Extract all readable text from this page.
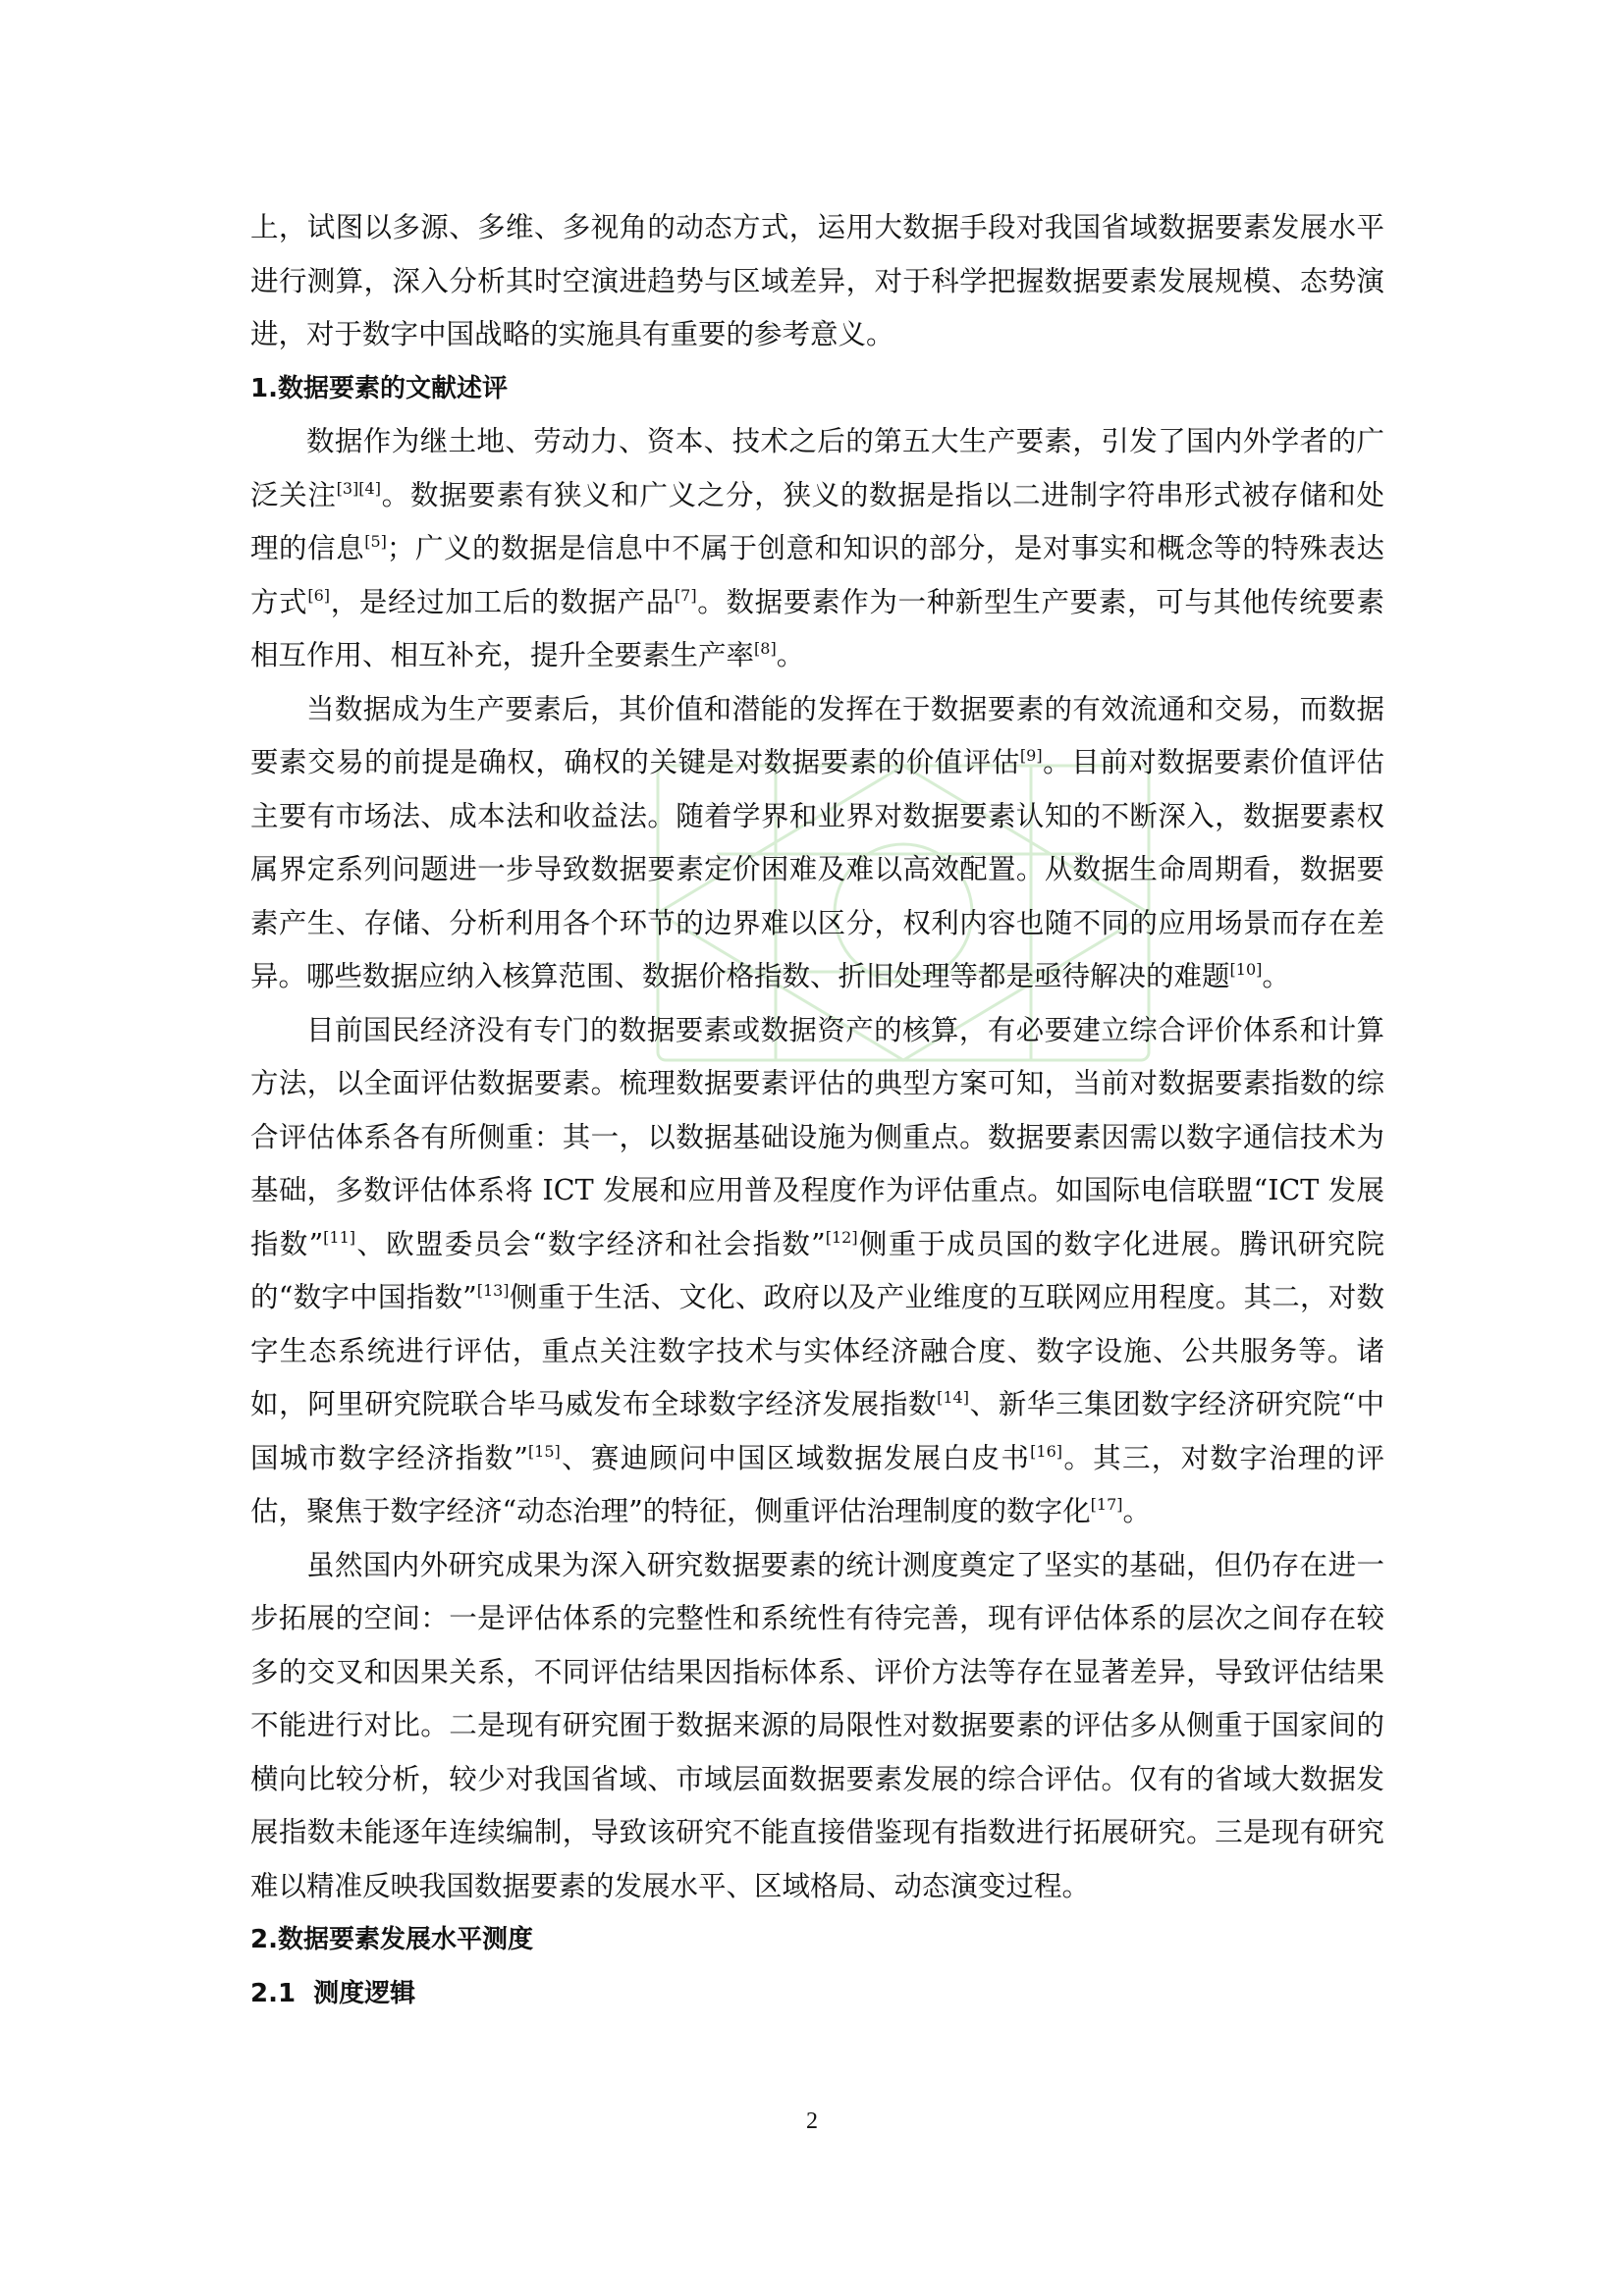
上，试图以多源、多维、多视角的动态方式，运用大数据手段对我国省域数据要素发展水平进行测算，深入分析其时空演进趋势与区域差异，对于科学把握数据要素发展规模、态势演进，对于数字中国战略的实施具有重要的参考意义。

1.数据要素的文献述评

数据作为继土地、劳动力、资本、技术之后的第五大生产要素，引发了国内外学者的广泛关注[3][4]。数据要素有狭义和广义之分，狭义的数据是指以二进制字符串形式被存储和处理的信息[5]；广义的数据是信息中不属于创意和知识的部分，是对事实和概念等的特殊表达方式[6]，是经过加工后的数据产品[7]。数据要素作为一种新型生产要素，可与其他传统要素相互作用、相互补充，提升全要素生产率[8]。

当数据成为生产要素后，其价值和潜能的发挥在于数据要素的有效流通和交易，而数据要素交易的前提是确权，确权的关键是对数据要素的价值评估[9]。目前对数据要素价值评估主要有市场法、成本法和收益法。随着学界和业界对数据要素认知的不断深入，数据要素权属界定系列问题进一步导致数据要素定价困难及难以高效配置。从数据生命周期看，数据要素产生、存储、分析利用各个环节的边界难以区分，权利内容也随不同的应用场景而存在差异。哪些数据应纳入核算范围、数据价格指数、折旧处理等都是亟待解决的难题[10]。

目前国民经济没有专门的数据要素或数据资产的核算，有必要建立综合评价体系和计算方法，以全面评估数据要素。梳理数据要素评估的典型方案可知，当前对数据要素指数的综合评估体系各有所侧重：其一，以数据基础设施为侧重点。数据要素因需以数字通信技术为基础，多数评估体系将 ICT 发展和应用普及程度作为评估重点。如国际电信联盟“ICT 发展指数”[11]、欧盟委员会“数字经济和社会指数”[12]侧重于成员国的数字化进展。腾讯研究院的“数字中国指数”[13]侧重于生活、文化、政府以及产业维度的互联网应用程度。其二，对数字生态系统进行评估，重点关注数字技术与实体经济融合度、数字设施、公共服务等。诸如，阿里研究院联合毕马威发布全球数字经济发展指数[14]、新华三集团数字经济研究院“中国城市数字经济指数”[15]、赛迪顾问中国区域数据发展白皮书[16]。其三，对数字治理的评估，聚焦于数字经济“动态治理”的特征，侧重评估治理制度的数字化[17]。

虽然国内外研究成果为深入研究数据要素的统计测度奠定了坚实的基础，但仍存在进一步拓展的空间：一是评估体系的完整性和系统性有待完善，现有评估体系的层次之间存在较多的交叉和因果关系，不同评估结果因指标体系、评价方法等存在显著差异，导致评估结果不能进行对比。二是现有研究囿于数据来源的局限性对数据要素的评估多从侧重于国家间的横向比较分析，较少对我国省域、市域层面数据要素发展的综合评估。仅有的省域大数据发展指数未能逐年连续编制，导致该研究不能直接借鉴现有指数进行拓展研究。三是现有研究难以精准反映我国数据要素的发展水平、区域格局、动态演变过程。

2.数据要素发展水平测度
2.1  测度逻辑
2
